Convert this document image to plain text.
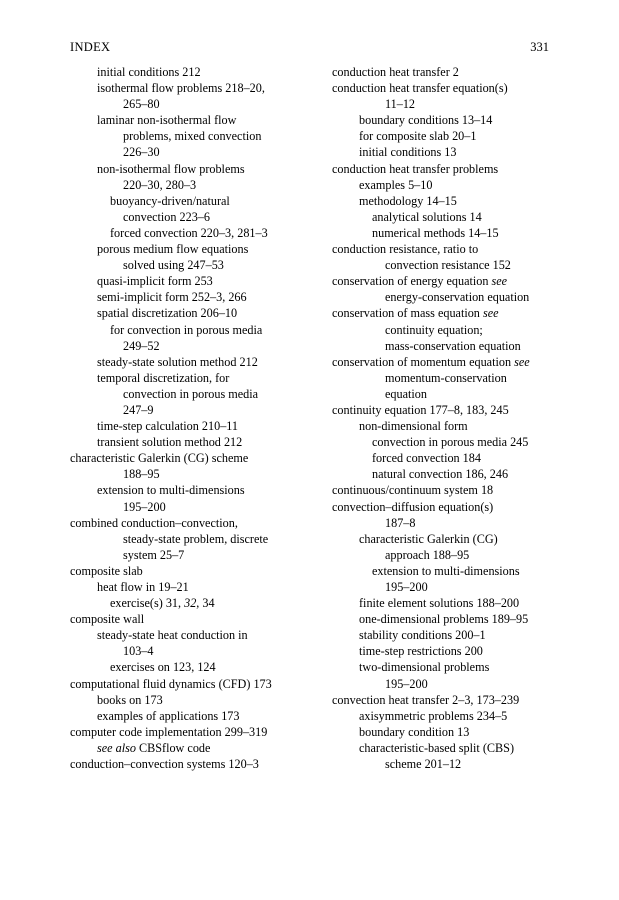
INDEX	331
initial conditions 212
isothermal flow problems 218–20,
265–80
laminar non-isothermal flow
problems, mixed convection
226–30
non-isothermal flow problems
220–30, 280–3
buoyancy-driven/natural
convection 223–6
forced convection 220–3, 281–3
porous medium flow equations
solved using 247–53
quasi-implicit form 253
semi-implicit form 252–3, 266
spatial discretization 206–10
for convection in porous media
249–52
steady-state solution method 212
temporal discretization, for
convection in porous media
247–9
time-step calculation 210–11
transient solution method 212
characteristic Galerkin (CG) scheme
188–95
extension to multi-dimensions
195–200
combined conduction–convection,
steady-state problem, discrete
system 25–7
composite slab
heat flow in 19–21
exercise(s) 31, 32, 34
composite wall
steady-state heat conduction in
103–4
exercises on 123, 124
computational fluid dynamics (CFD) 173
books on 173
examples of applications 173
computer code implementation 299–319
see also CBSflow code
conduction–convection systems 120–3
conduction heat transfer 2
conduction heat transfer equation(s)
11–12
boundary conditions 13–14
for composite slab 20–1
initial conditions 13
conduction heat transfer problems
examples 5–10
methodology 14–15
analytical solutions 14
numerical methods 14–15
conduction resistance, ratio to
convection resistance 152
conservation of energy equation see
energy-conservation equation
conservation of mass equation see
continuity equation;
mass-conservation equation
conservation of momentum equation see
momentum-conservation
equation
continuity equation 177–8, 183, 245
non-dimensional form
convection in porous media 245
forced convection 184
natural convection 186, 246
continuous/continuum system 18
convection–diffusion equation(s)
187–8
characteristic Galerkin (CG)
approach 188–95
extension to multi-dimensions
195–200
finite element solutions 188–200
one-dimensional problems 189–95
stability conditions 200–1
time-step restrictions 200
two-dimensional problems
195–200
convection heat transfer 2–3, 173–239
axisymmetric problems 234–5
boundary condition 13
characteristic-based split (CBS)
scheme 201–12
